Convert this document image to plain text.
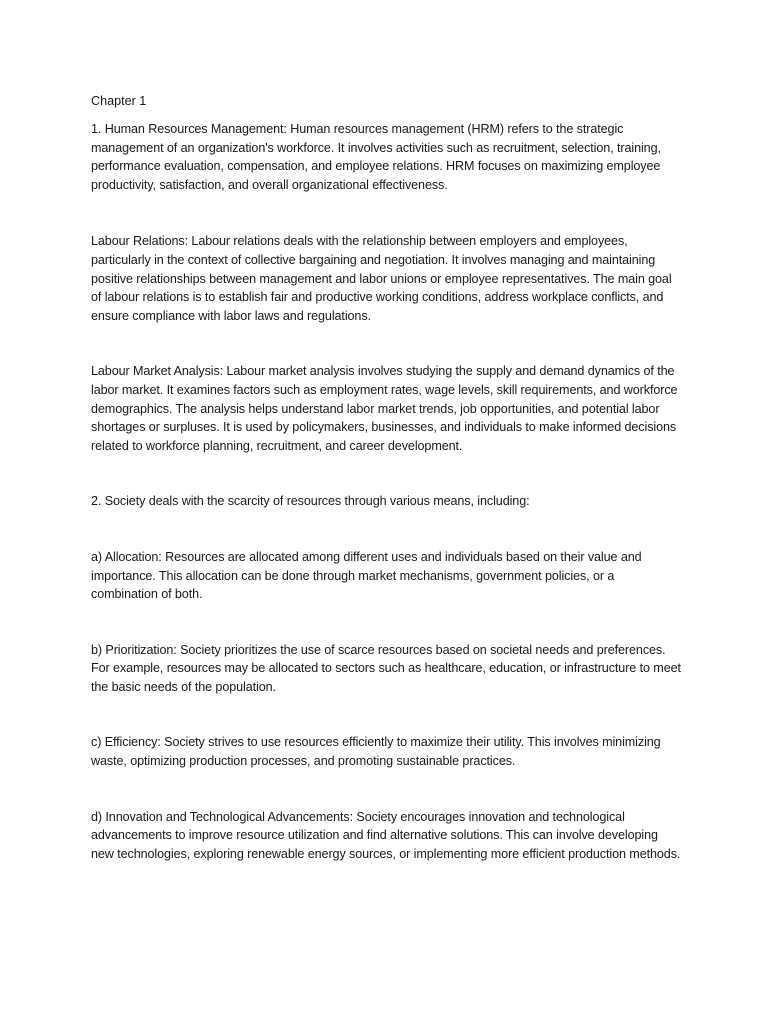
Chapter 1

1. Human Resources Management: Human resources management (HRM) refers to the strategic management of an organization's workforce. It involves activities such as recruitment, selection, training, performance evaluation, compensation, and employee relations. HRM focuses on maximizing employee productivity, satisfaction, and overall organizational effectiveness.

Labour Relations: Labour relations deals with the relationship between employers and employees, particularly in the context of collective bargaining and negotiation. It involves managing and maintaining positive relationships between management and labor unions or employee representatives. The main goal of labour relations is to establish fair and productive working conditions, address workplace conflicts, and ensure compliance with labor laws and regulations.

Labour Market Analysis: Labour market analysis involves studying the supply and demand dynamics of the labor market. It examines factors such as employment rates, wage levels, skill requirements, and workforce demographics. The analysis helps understand labor market trends, job opportunities, and potential labor shortages or surpluses. It is used by policymakers, businesses, and individuals to make informed decisions related to workforce planning, recruitment, and career development.

2. Society deals with the scarcity of resources through various means, including:

a) Allocation: Resources are allocated among different uses and individuals based on their value and importance. This allocation can be done through market mechanisms, government policies, or a combination of both.

b) Prioritization: Society prioritizes the use of scarce resources based on societal needs and preferences. For example, resources may be allocated to sectors such as healthcare, education, or infrastructure to meet the basic needs of the population.

c) Efficiency: Society strives to use resources efficiently to maximize their utility. This involves minimizing waste, optimizing production processes, and promoting sustainable practices.

d) Innovation and Technological Advancements: Society encourages innovation and technological advancements to improve resource utilization and find alternative solutions. This can involve developing new technologies, exploring renewable energy sources, or implementing more efficient production methods.
